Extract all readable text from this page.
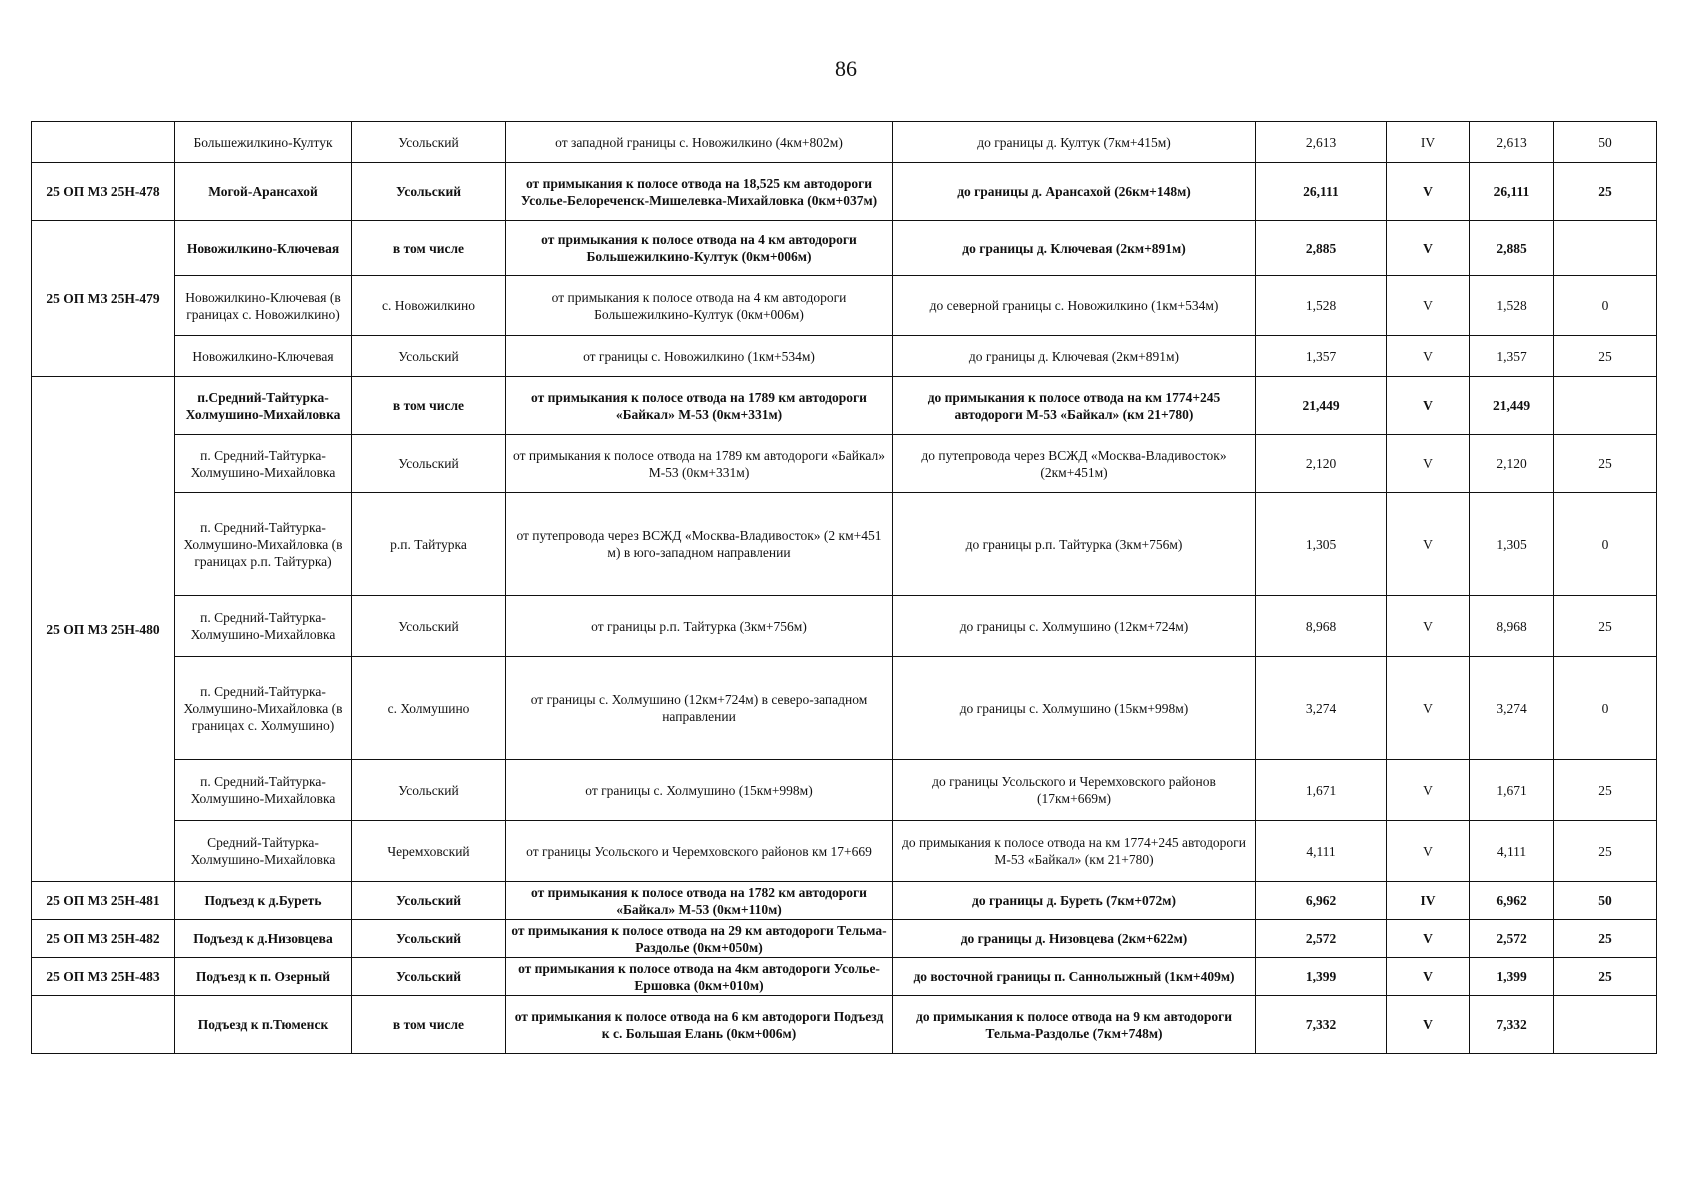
86
	Большежилкино-Култук	Усольский	от западной границы с. Новожилкино (4км+802м)	до границы д. Култук (7км+415м)	2,613	IV	2,613	50
25 ОП МЗ 25Н-478	Могой-Арансахой	Усольский	от примыкания к полосе отвода на 18,525 км автодороги Усолье-Белореченск-Мишелевка-Михайловка (0км+037м)	до границы д. Арансахой (26км+148м)	26,111	V	26,111	25
25 ОП МЗ 25Н-479	Новожилкино-Ключевая	в том числе	от примыкания к полосе отвода на 4 км автодороги Большежилкино-Култук (0км+006м)	до границы д. Ключевая (2км+891м)	2,885	V	2,885	
	Новожилкино-Ключевая (в границах с. Новожилкино)	с. Новожилкино	от примыкания к полосе отвода на 4 км автодороги Большежилкино-Култук (0км+006м)	до северной границы с. Новожилкино (1км+534м)	1,528	V	1,528	0
	Новожилкино-Ключевая	Усольский	от границы с. Новожилкино (1км+534м)	до границы д. Ключевая (2км+891м)	1,357	V	1,357	25
25 ОП МЗ 25Н-480	п.Средний-Тайтурка-Холмушино-Михайловка	в том числе	от примыкания к полосе отвода на 1789 км автодороги «Байкал» М-53 (0км+331м)	до примыкания к полосе отвода на км 1774+245 автодороги М-53 «Байкал» (км 21+780)	21,449	V	21,449	
	п. Средний-Тайтурка-Холмушино-Михайловка	Усольский	от примыкания к полосе отвода на 1789 км автодороги «Байкал» М-53 (0км+331м)	до путепровода через ВСЖД «Москва-Владивосток» (2км+451м)	2,120	V	2,120	25
	п. Средний-Тайтурка-Холмушино-Михайловка (в границах р.п. Тайтурка)	р.п. Тайтурка	от путепровода через ВСЖД «Москва-Владивосток» (2 км+451 м) в юго-западном направлении	до границы р.п. Тайтурка (3км+756м)	1,305	V	1,305	0
	п. Средний-Тайтурка-Холмушино-Михайловка	Усольский	от границы р.п. Тайтурка (3км+756м)	до границы с. Холмушино (12км+724м)	8,968	V	8,968	25
	п. Средний-Тайтурка-Холмушино-Михайловка (в границах с. Холмушино)	с. Холмушино	от границы с. Холмушино (12км+724м) в северо-западном направлении	до границы с. Холмушино (15км+998м)	3,274	V	3,274	0
	п. Средний-Тайтурка-Холмушино-Михайловка	Усольский	от границы с. Холмушино (15км+998м)	до границы Усольского и Черемховского районов (17км+669м)	1,671	V	1,671	25
	Средний-Тайтурка-Холмушино-Михайловка	Черемховский	от границы Усольского и Черемховского районов км 17+669	до примыкания к полосе отвода на км 1774+245 автодороги М-53 «Байкал» (км 21+780)	4,111	V	4,111	25
25 ОП МЗ 25Н-481	Подъезд к д.Буреть	Усольский	от примыкания к полосе отвода на 1782 км автодороги «Байкал» М-53 (0км+110м)	до границы д. Буреть (7км+072м)	6,962	IV	6,962	50
25 ОП МЗ 25Н-482	Подъезд к д.Низовцева	Усольский	от примыкания к полосе отвода на 29 км автодороги Тельма-Раздолье (0км+050м)	до границы д. Низовцева (2км+622м)	2,572	V	2,572	25
25 ОП МЗ 25Н-483	Подъезд к п. Озерный	Усольский	от примыкания к полосе отвода на 4км автодороги Усолье-Ершовка (0км+010м)	до восточной границы п. Саннолыжный (1км+409м)	1,399	V	1,399	25
	Подъезд к п.Тюменск	в том числе	от примыкания к полосе отвода на 6 км автодороги Подъезд к с. Большая Елань (0км+006м)	до примыкания к полосе отвода на 9 км автодороги Тельма-Раздолье (7км+748м)	7,332	V	7,332	
